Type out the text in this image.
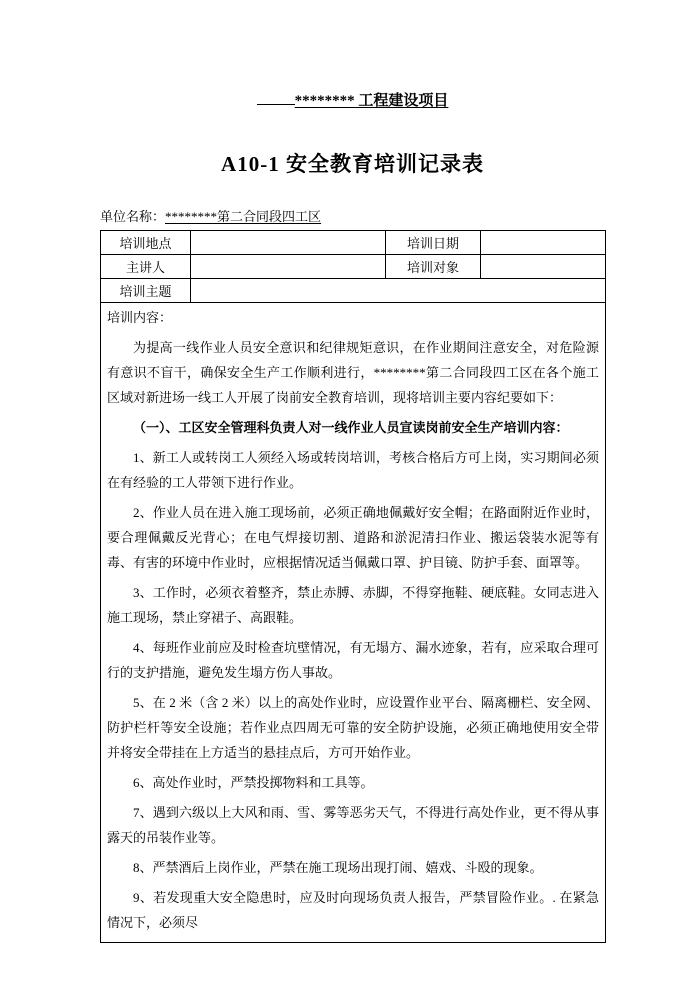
******** 工程建设项目
A10-1 安全教育培训记录表
单位名称：********第二合同段四工区
培训地点		培训日期	
主讲人		培训对象	
培训主题			

培训内容：

为提高一线作业人员安全意识和纪律规矩意识，在作业期间注意安全，对危险源有意识不盲干，确保安全生产工作顺利进行，********第二合同段四工区在各个施工区域对新进场一线工人开展了岗前安全教育培训，现将培训主要内容纪要如下：

（一）、工区安全管理科负责人对一线作业人员宣读岗前安全生产培训内容：

1、新工人或转岗工人须经入场或转岗培训，考核合格后方可上岗，实习期间必须在有经验的工人带领下进行作业。

2、作业人员在进入施工现场前，必须正确地佩戴好安全帽；在路面附近作业时，要合理佩戴反光背心；在电气焊接切割、道路和淤泥清扫作业、搬运袋装水泥等有毒、有害的环境中作业时，应根据情况适当佩戴口罩、护目镜、防护手套、面罩等。

3、工作时，必须衣着整齐，禁止赤膊、赤脚，不得穿拖鞋、硬底鞋。女同志进入施工现场，禁止穿裙子、高跟鞋。

4、每班作业前应及时检查坑壁情况，有无塌方、漏水迹象，若有，应采取合理可行的支护措施，避免发生塌方伤人事故。

5、在 2 米（含 2 米）以上的高处作业时，应设置作业平台、隔离栅栏、安全网、防护栏杆等安全设施；若作业点四周无可靠的安全防护设施，必须正确地使用安全带并将安全带挂在上方适当的悬挂点后，方可开始作业。

6、高处作业时，严禁投掷物料和工具等。

7、遇到六级以上大风和雨、雪、雾等恶劣天气，不得进行高处作业，更不得从事露天的吊装作业等。

8、严禁酒后上岗作业，严禁在施工现场出现打闹、嬉戏、斗殴的现象。

9、若发现重大安全隐患时，应及时向现场负责人报告，严禁冒险作业。. 在紧急情况下，必须尽
